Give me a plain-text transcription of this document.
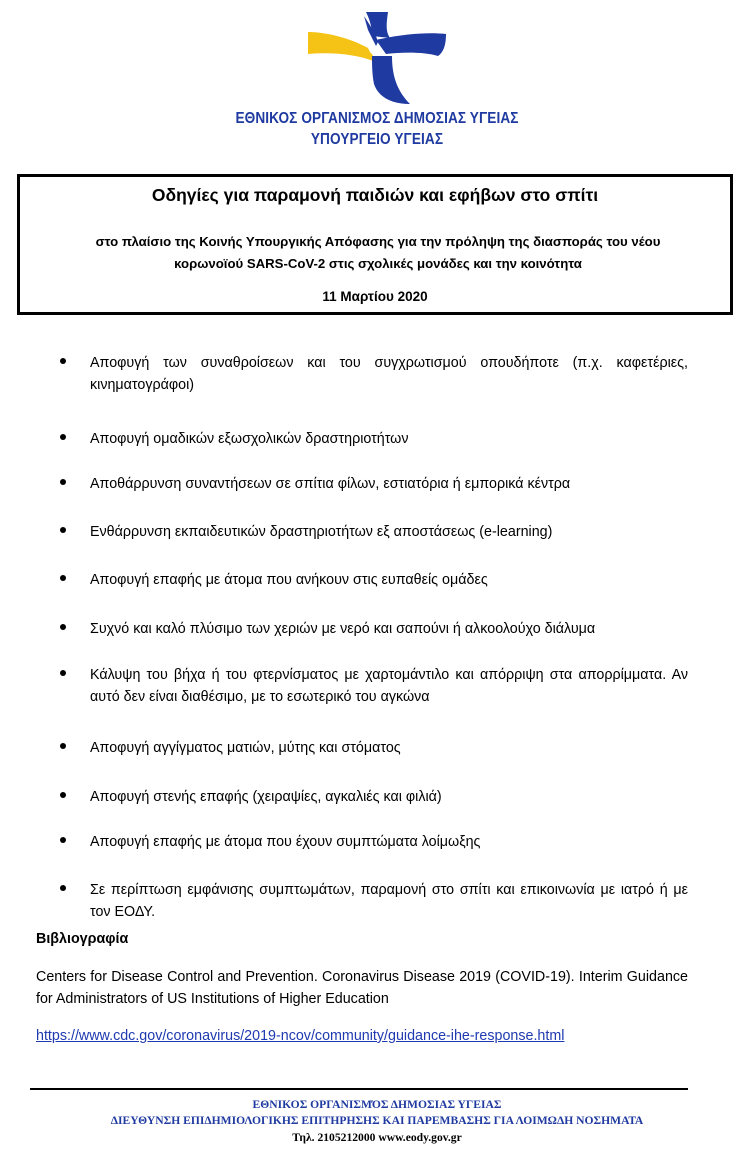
ΕΘΝΙΚΟΣ ΟΡΓΑΝΙΣΜΟΣ ΔΗΜΟΣΙΑΣ ΥΓΕΙΑΣ
ΥΠΟΥΡΓΕΙΟ ΥΓΕΙΑΣ
Οδηγίες για παραμονή παιδιών και εφήβων στο σπίτι
στο πλαίσιο της Κοινής Υπουργικής Απόφασης για την πρόληψη της διασποράς του νέου
κορωνοϊού SARS-CoV-2 στις σχολικές μονάδες και την κοινότητα
11 Μαρτίου 2020
Αποφυγή των συναθροίσεων και του συγχρωτισμού οπουδήποτε (π.χ. καφετέριες, κινηματογράφοι)
Αποφυγή ομαδικών εξωσχολικών δραστηριοτήτων
Αποθάρρυνση συναντήσεων σε σπίτια φίλων, εστιατόρια ή εμπορικά κέντρα
Ενθάρρυνση εκπαιδευτικών δραστηριοτήτων εξ αποστάσεως (e-learning)
Αποφυγή επαφής με άτομα που ανήκουν στις ευπαθείς ομάδες
Συχνό και καλό πλύσιμο των χεριών με νερό και σαπούνι ή αλκοολούχο διάλυμα
Κάλυψη του βήχα ή του φτερνίσματος με χαρτομάντιλο και απόρριψη στα απορρίμματα. Αν αυτό δεν είναι διαθέσιμο, με το εσωτερικό του αγκώνα
Αποφυγή αγγίγματος ματιών, μύτης και στόματος
Αποφυγή στενής επαφής (χειραψίες, αγκαλιές και φιλιά)
Αποφυγή επαφής με άτομα που έχουν συμπτώματα λοίμωξης
Σε περίπτωση εμφάνισης συμπτωμάτων, παραμονή στο σπίτι και επικοινωνία με ιατρό ή με τον ΕΟΔΥ.
Βιβλιογραφία
Centers for Disease Control and Prevention. Coronavirus Disease 2019 (COVID-19). Interim Guidance for Administrators of US Institutions of Higher Education
https://www.cdc.gov/coronavirus/2019-ncov/community/guidance-ihe-response.html
ΕΘΝΙΚΟΣ ΟΡΓΑΝΙΣΜΌΣ ΔΗΜΟΣΙΑΣ ΥΓΕΙΑΣ
ΔΙΕΥΘΥΝΣΗ ΕΠΙΔΗΜΙΟΛΟΓΙΚΗΣ ΕΠΙΤΗΡΗΣΗΣ ΚΑΙ ΠΑΡΕΜΒΑΣΗΣ ΓΙΑ ΛΟΙΜΩΔΗ ΝΟΣΗΜΑΤΑ
Τηλ. 2105212000 www.eody.gov.gr
